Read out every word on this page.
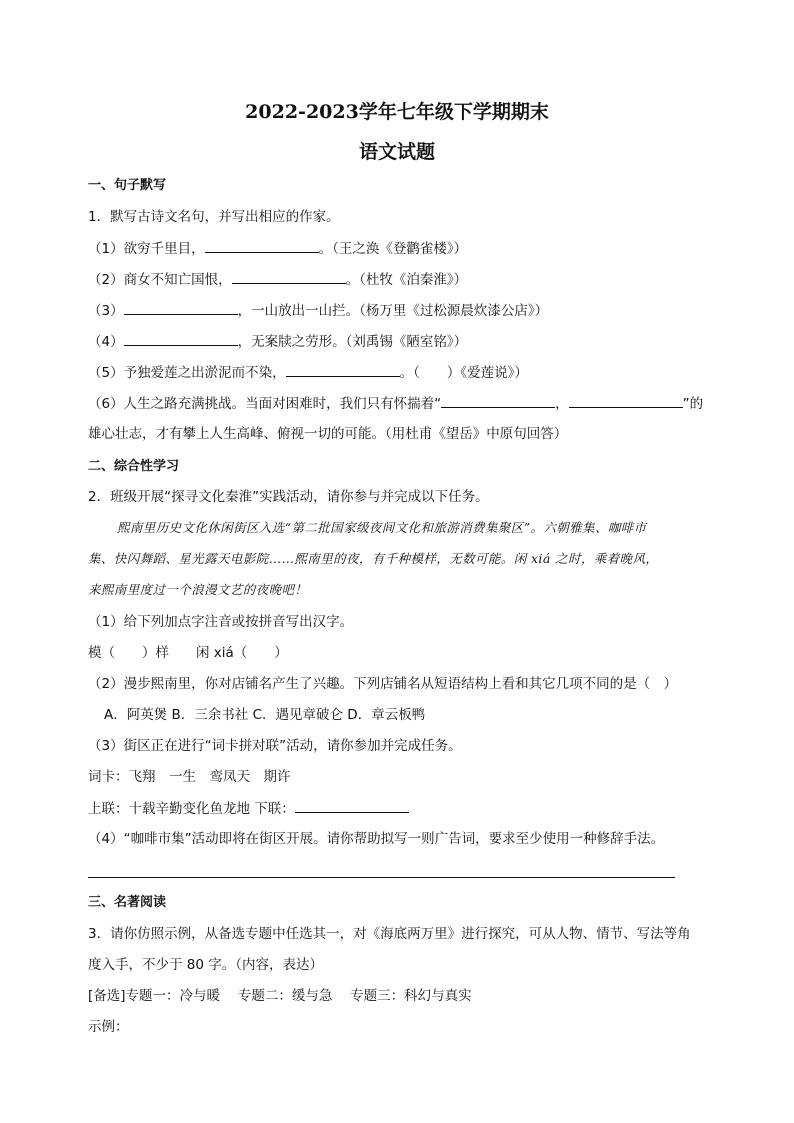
2022-2023学年七年级下学期期末
语文试题
一、句子默写
1．默写古诗文名句，并写出相应的作家。
（1）欲穷千里目，	。（王之涣《登鹳雀楼》）
（2）商女不知亡国恨，	。（杜牧《泊秦淮》）
（3）	，一山放出一山拦。（杨万里《过松源晨炊漆公店》）
（4）	，无案牍之劳形。（刘禹锡《陋室铭》）
（5）予独爱莲之出淤泥而不染，	。（　　）《爱莲说》）
（6）人生之路充满挑战。当面对困难时，我们只有怀揣着“	，	”的
雄心壮志，才有攀上人生高峰、俯视一切的可能。（用杜甫《望岳》中原句回答）
二、综合性学习
2．班级开展“探寻文化秦淮”实践活动，请你参与并完成以下任务。
熙南里历史文化休闲街区入选“第二批国家级夜间文化和旅游消费集聚区”。六朝雅集、咖啡市
集、快闪舞蹈、星光露天电影院……熙南里的夜，有千种模样，无数可能。闲 xiá 之时，乘着晚风，
来熙南里度过一个浪漫文艺的夜晚吧！
（1）给下列加点字注音或按拼音写出汉字。
模（　　）样　　闲 xiá（　　）
（2）漫步熙南里，你对店铺名产生了兴趣。下列店铺名从短语结构上看和其它几项不同的是（　）
A．阿英煲 B．三余书社 C．遇见章破仑 D．章云板鸭
（3）街区正在进行“词卡拼对联”活动，请你参加并完成任务。
词卡：飞翔　一生　鸾凤天　期许
上联：十载辛勤变化鱼龙地 下联：
（4）“咖啡市集”活动即将在街区开展。请你帮助拟写一则广告词，要求至少使用一种修辞手法。
三、名著阅读
3．请你仿照示例，从备选专题中任选其一，对《海底两万里》进行探究，可从人物、情节、写法等角
度入手，不少于 80 字。（内容，表达）
[备选]专题一：冷与暖　 专题二：缓与急　 专题三：科幻与真实
示例：
